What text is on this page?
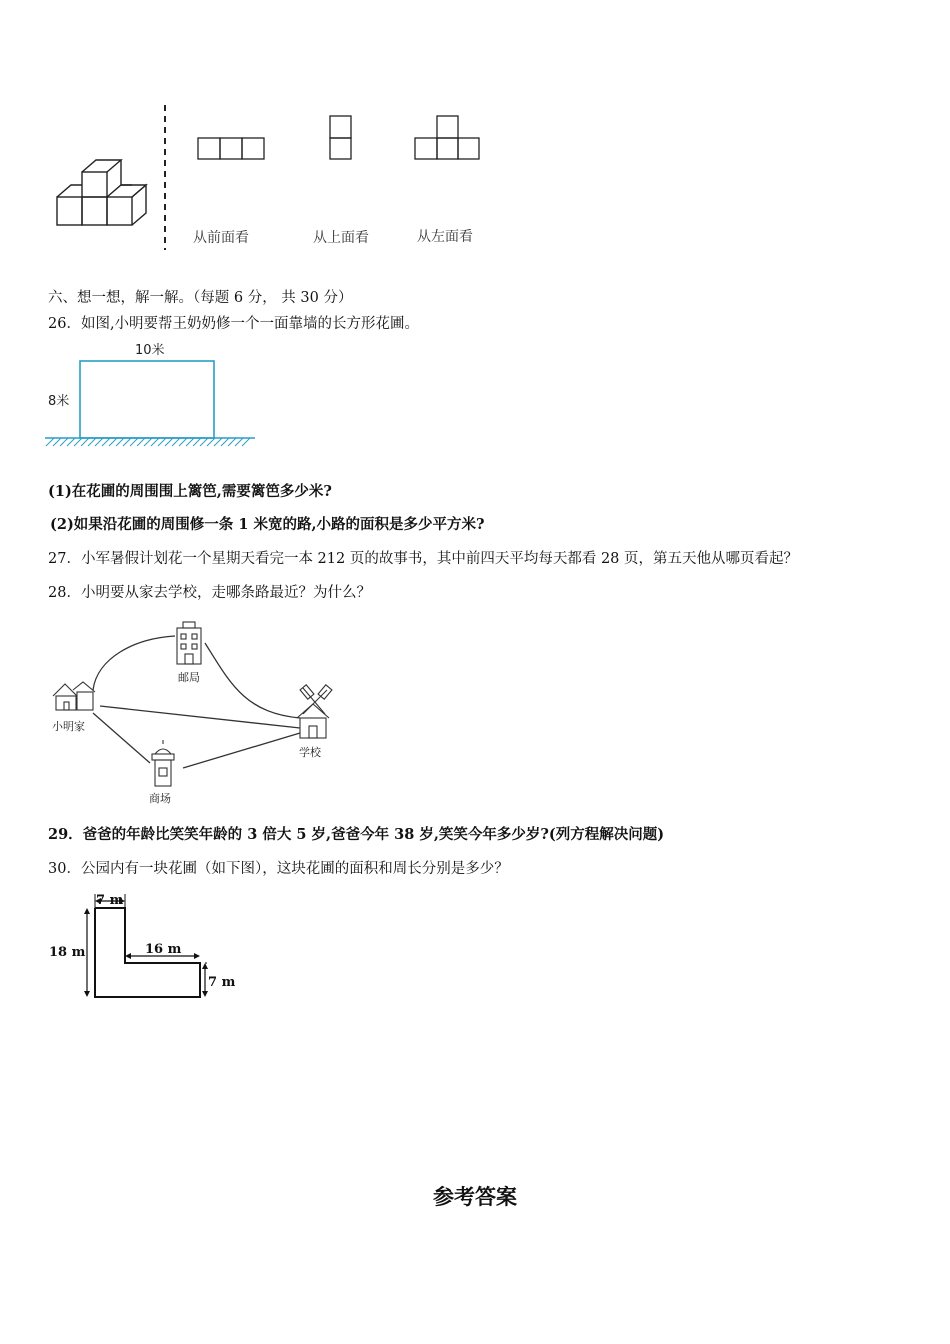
从前面看	从上面看	从左面看
六、想一想，解一解。（每题 6 分， 共 30 分）
26．如图,小明要帮王奶奶修一个一面靠墙的长方形花圃。
10米
8米
(1)在花圃的周围围上篱笆,需要篱笆多少米?
(2)如果沿花圃的周围修一条 1 米宽的路,小路的面积是多少平方米?
27．小军暑假计划花一个星期天看完一本 212 页的故事书，其中前四天平均每天都看 28 页，第五天他从哪页看起？
28．小明要从家去学校，走哪条路最近？为什么？
邮局
小明家
学校
商场
29．爸爸的年龄比笑笑年龄的 3 倍大 5 岁,爸爸今年 38 岁,笑笑今年多少岁?(列方程解决问题)
30．公园内有一块花圃（如下图），这块花圃的面积和周长分别是多少？
7 m
18 m	16 m
7 m
参考答案
